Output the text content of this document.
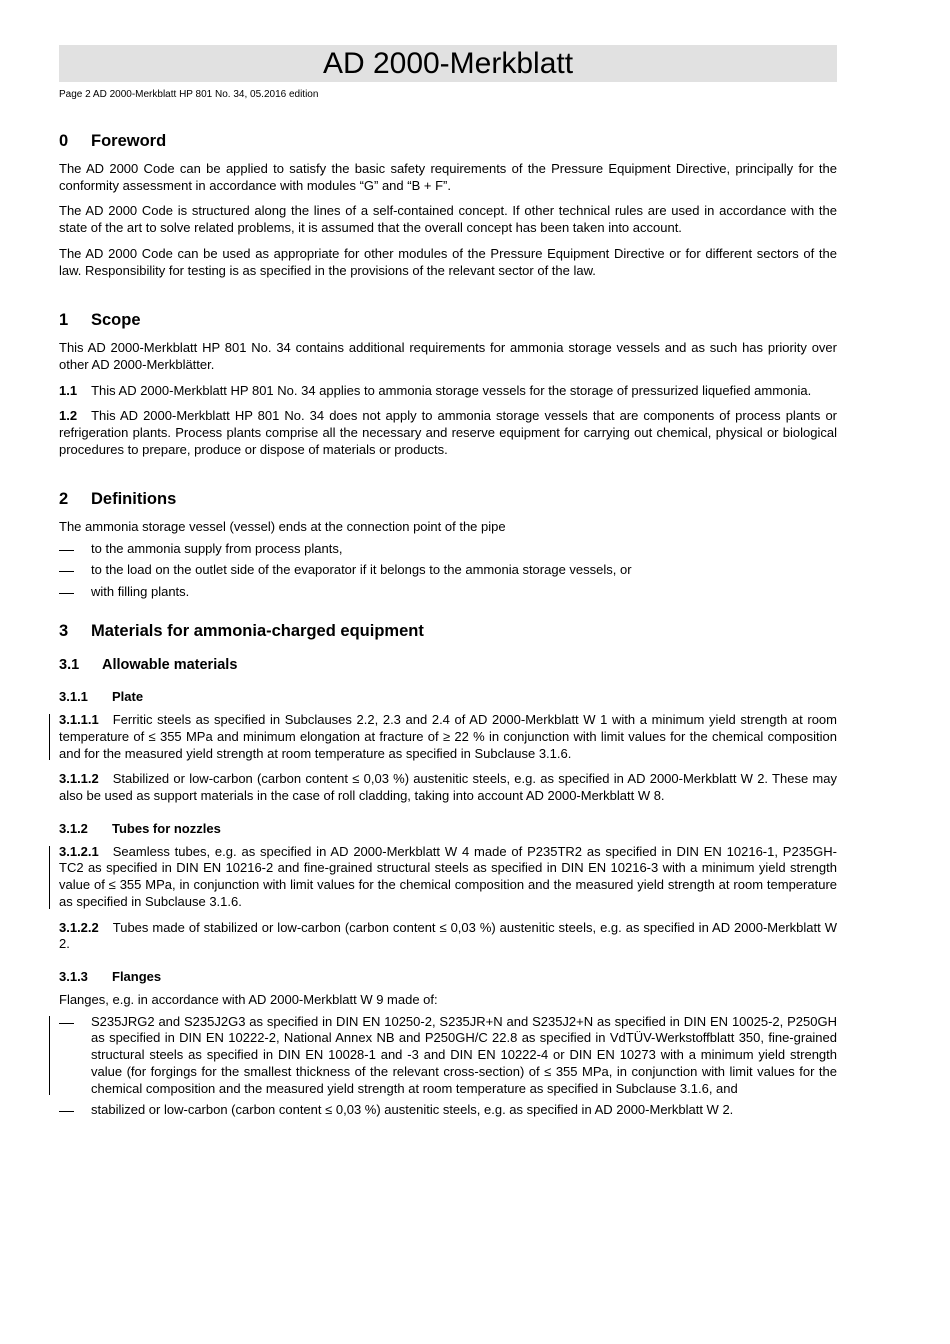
AD 2000-Merkblatt
Page 2 AD 2000-Merkblatt HP 801 No. 34, 05.2016 edition
0	Foreword

The AD 2000 Code can be applied to satisfy the basic safety requirements of the Pressure Equipment Directive, principally for the conformity assessment in accordance with modules “G” and “B + F”.

The AD 2000 Code is structured along the lines of a self-contained concept. If other technical rules are used in accordance with the state of the art to solve related problems, it is assumed that the overall concept has been taken into account.

The AD 2000 Code can be used as appropriate for other modules of the Pressure Equipment Directive or for different sectors of the law. Responsibility for testing is as specified in the provisions of the relevant sector of the law.

1	Scope

This AD 2000-Merkblatt HP 801 No. 34 contains additional requirements for ammonia storage vessels and as such has priority over other AD 2000-Merkblätter.

1.1 This AD 2000-Merkblatt HP 801 No. 34 applies to ammonia storage vessels for the storage of pressurized liquefied ammonia.

1.2 This AD 2000-Merkblatt HP 801 No. 34 does not apply to ammonia storage vessels that are components of process plants or refrigeration plants. Process plants comprise all the necessary and reserve equipment for carrying out chemical, physical or biological procedures to prepare, produce or dispose of materials or products.

2	Definitions

The ammonia storage vessel (vessel) ends at the connection point of the pipe

to the ammonia supply from process plants,
to the load on the outlet side of the evaporator if it belongs to the ammonia storage vessels, or
with filling plants.
3	Materials for ammonia-charged equipment
3.1	Allowable materials
3.1.1	Plate

3.1.1.1 Ferritic steels as specified in Subclauses 2.2, 2.3 and 2.4 of AD 2000-Merkblatt W 1 with a minimum yield strength at room temperature of ≤ 355 MPa and minimum elongation at fracture of ≥ 22 % in conjunction with limit values for the chemical composition and for the measured yield strength at room temperature as specified in Subclause 3.1.6.

3.1.1.2 Stabilized or low-carbon (carbon content ≤ 0,03 %) austenitic steels, e.g. as specified in AD 2000-Merkblatt W 2. These may also be used as support materials in the case of roll cladding, taking into account AD 2000-Merkblatt W 8.

3.1.2	Tubes for nozzles

3.1.2.1 Seamless tubes, e.g. as specified in AD 2000-Merkblatt W 4 made of P235TR2 as specified in DIN EN 10216-1, P235GH-TC2 as specified in DIN EN 10216-2 and fine-grained structural steels as specified in DIN EN 10216-3 with a minimum yield strength value of ≤ 355 MPa, in conjunction with limit values for the chemical composition and the measured yield strength at room temperature as specified in Subclause 3.1.6.

3.1.2.2 Tubes made of stabilized or low-carbon (carbon content ≤ 0,03 %) austenitic steels, e.g. as specified in AD 2000-Merkblatt W 2.

3.1.3	Flanges

Flanges, e.g. in accordance with AD 2000-Merkblatt W 9 made of:

S235JRG2 and S235J2G3 as specified in DIN EN 10250-2, S235JR+N and S235J2+N as specified in DIN EN 10025-2, P250GH as specified in DIN EN 10222-2, National Annex NB and P250GH/C 22.8 as specified in VdTÜV-Werkstoffblatt 350, fine-grained structural steels as specified in DIN EN 10028-1 and -3 and DIN EN 10222-4 or DIN EN 10273 with a minimum yield strength value (for forgings for the smallest thickness of the relevant cross-section) of ≤ 355 MPa, in conjunction with limit values for the chemical composition and the measured yield strength at room temperature as specified in Subclause 3.1.6, and
stabilized or low-carbon (carbon content ≤ 0,03 %) austenitic steels, e.g. as specified in AD 2000-Merkblatt W 2.
